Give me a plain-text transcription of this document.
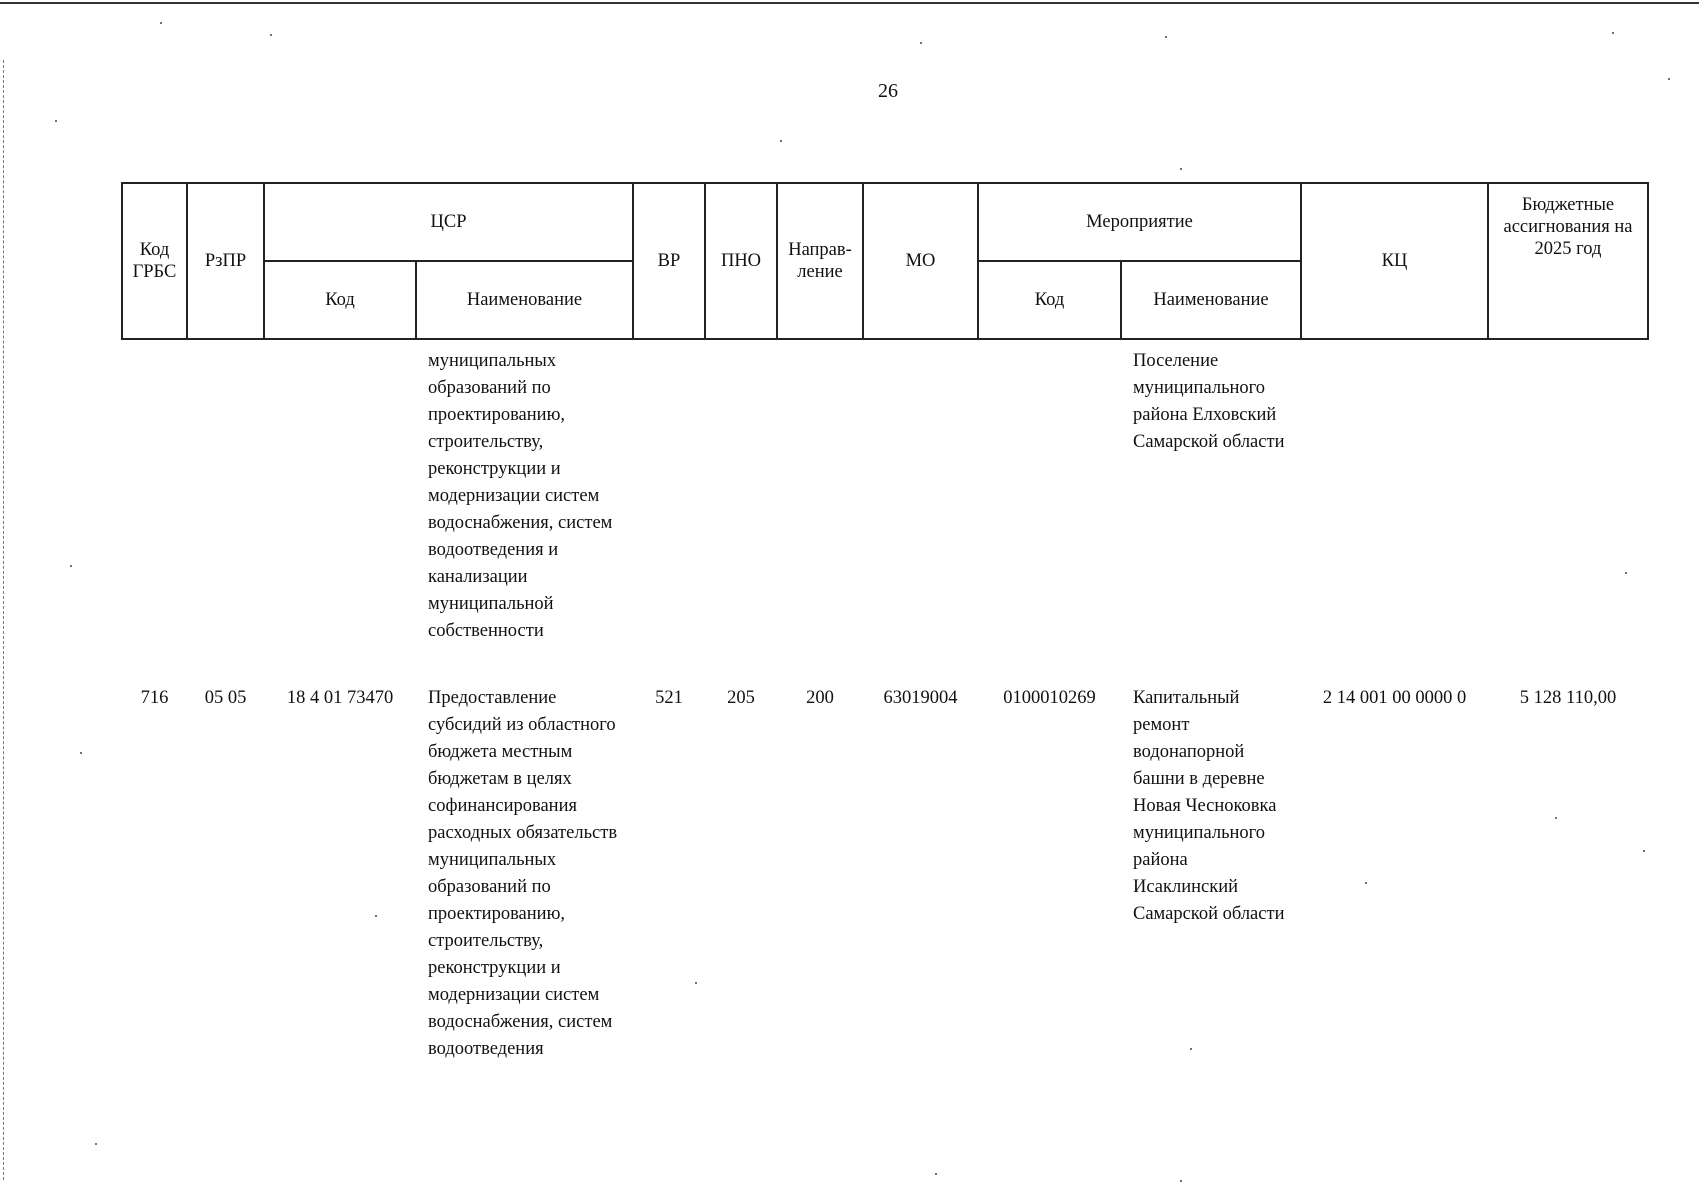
26
Код ГРБС	РзПР	ЦСР		ВР	ПНО	Направ-ление	МО	Мероприятие		КЦ	Бюджетные ассигнования на 2025 год
		Код	Наименование					Код	Наименование		
			муниципальных образований по проектированию, строительству, реконструкции и модернизации систем водоснабжения, систем водоотведения и канализации муниципальной собственности						Поселение муниципального района Елховский Самарской области		
716	05 05	18 4 01 73470	Предоставление субсидий из областного бюджета местным бюджетам в целях софинансирования расходных обязательств муниципальных образований по проектированию, строительству, реконструкции и модернизации систем водоснабжения, систем водоотведения	521	205	200	63019004	0100010269	Капитальный ремонт водонапорной башни в деревне Новая Чесноковка муниципального района Исаклинский Самарской области	2 14 001 00 0000 0	5 128 110,00
